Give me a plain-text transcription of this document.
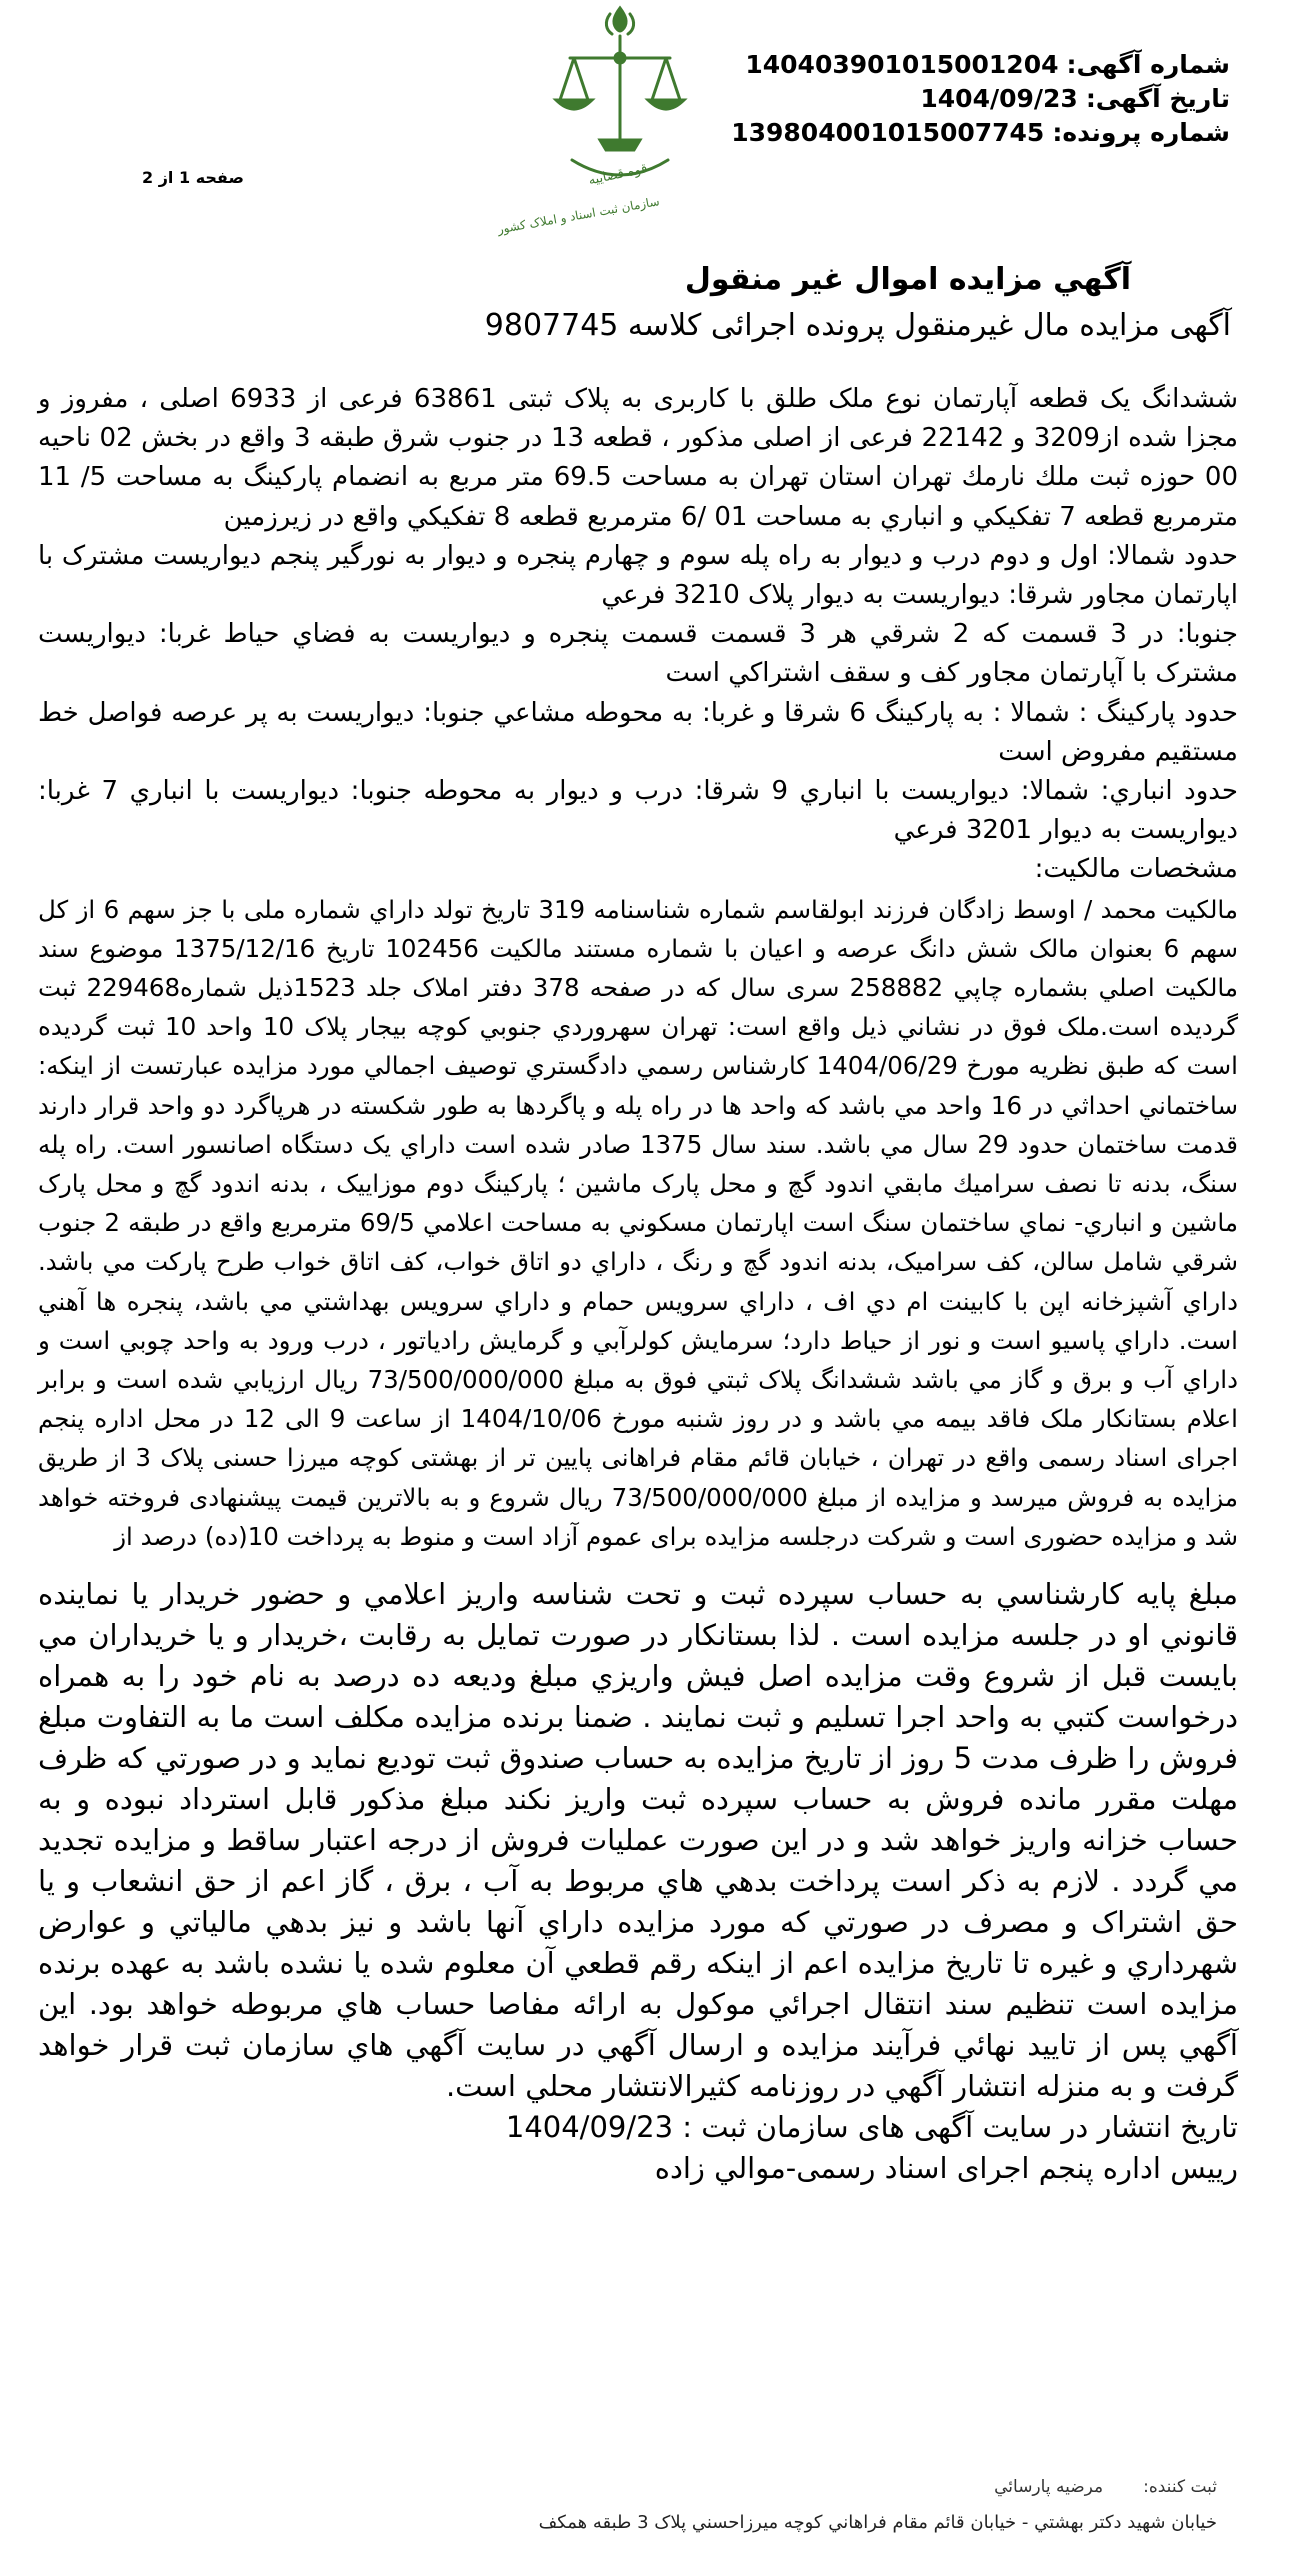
قوه قضاييه
سازمان ثبت اسناد و املاک کشور
شماره آگهی:140403901015001204
تاریخ آگهی:1404/09/23
شماره پرونده:139804001015007745
صفحه 1 از 2
آگهي مزايده اموال غير منقول
آگهی مزایده مال غیرمنقول پرونده اجرائی کلاسه 9807745

ششدانگ یک قطعه آپارتمان نوع ملک طلق با کاربری به پلاک ثبتی 63861 فرعی از 6933 اصلی ، مفروز و مجزا شده از3209 و 22142 فرعی از اصلی مذکور ، قطعه 13 در جنوب شرق طبقه 3 واقع در بخش 02 ناحیه 00 حوزه ثبت ملك نارمك تهران استان تهران به مساحت 69.5 متر مربع به انضمام پاركينگ به مساحت 5/ 11 مترمربع قطعه 7 تفكيكي و انباري به مساحت 01 /6 مترمربع قطعه 8 تفكيكي واقع در زيرزمين

حدود شمالا: اول و دوم درب و ديوار به راه پله سوم و چهارم پنجره و ديوار به نورگير پنجم ديواريست مشترک با اپارتمان مجاور شرقا: ديواريست به ديوار پلاک 3210 فرعي

جنوبا: در 3 قسمت كه 2 شرقي هر 3 قسمت قسمت پنجره و ديواريست به فضاي حياط غربا: ديواريست مشترک با آپارتمان مجاور كف و سقف اشتراكي است

حدود پاركينگ : شمالا : به پاركينگ 6 شرقا و غربا: به محوطه مشاعي جنوبا: ديواريست به پر عرصه فواصل خط مستقيم مفروض است

حدود انباري: شمالا: ديواريست با انباري 9 شرقا: درب و ديوار به محوطه جنوبا: ديواريست با انباري 7 غربا: ديواريست به ديوار 3201 فرعي

مشخصات مالکیت:

مالكيت محمد / اوسط زادگان فرزند ابولقاسم شماره شناسنامه 319 تاريخ تولد داراي شماره ملی با جز سهم 6 از كل سهم 6 بعنوان مالک شش دانگ عرصه و اعيان با شماره مستند مالکیت 102456 تاريخ 1375/12/16 موضوع سند مالكيت اصلي بشماره چاپي 258882 سری سال كه در صفحه 378 دفتر املاک جلد 1523ذيل شماره229468 ثبت گرديده است.ملک فوق در نشاني ذيل واقع است: تهران سهروردي جنوبي كوچه بيجار پلاک 10 واحد 10 ثبت گرديده است كه طبق نظريه مورخ 1404/06/29 كارشناس رسمي دادگستري توصيف اجمالي مورد مزايده عبارتست از اينكه: ساختماني احداثي در 16 واحد مي باشد كه واحد ها در راه پله و پاگردها به طور شكسته در هرپاگرد دو واحد قرار دارند قدمت ساختمان حدود 29 سال مي باشد. سند سال 1375 صادر شده است داراي يک دستگاه اصانسور است. راه پله سنگ، بدنه تا نصف سراميك مابقي اندود گچ و محل پارک ماشين ؛ پاركينگ دوم موزاييک ، بدنه اندود گچ و محل پارک ماشين و انباري- نماي ساختمان سنگ است اپارتمان مسكوني به مساحت اعلامي 69/5 مترمربع واقع در طبقه 2 جنوب شرقي شامل سالن، كف سراميک، بدنه اندود گچ و رنگ ، داراي دو اتاق خواب، كف اتاق خواب طرح پاركت مي باشد. داراي آشپزخانه اپن با كابينت ام دي اف ، داراي سرويس حمام و داراي سرويس بهداشتي مي باشد، پنجره ها آهني است. داراي پاسيو است و نور از حياط دارد؛ سرمايش كولرآبي و گرمايش رادياتور ، درب ورود به واحد چوبي است و داراي آب و برق و گاز مي باشد ششدانگ پلاک ثبتي فوق به مبلغ 73/500/000/000 ريال ارزيابي شده است و برابر اعلام بستانكار ملک فاقد بيمه مي باشد و در روز شنبه مورخ 1404/10/06 از ساعت 9 الی 12 در محل اداره پنجم اجرای اسناد رسمی واقع در تهران ، خیابان قائم مقام فراهانی پایین تر از بهشتی کوچه میرزا حسنی پلاک 3 از طریق مزایده به فروش میرسد و مزایده از مبلغ 73/500/000/000 ریال شروع و به بالاترین قیمت پیشنهادی فروخته خواهد شد و مزایده حضوری است و شرکت درجلسه مزایده برای عموم آزاد است و منوط به پرداخت 10(ده) درصد از

مبلغ پايه كارشناسي به حساب سپرده ثبت و تحت شناسه واريز اعلامي و حضور خريدار يا نماينده قانوني او در جلسه مزايده است . لذا بستانكار در صورت تمايل به رقابت ،خريدار و يا خريداران مي بايست قبل از شروع وقت مزايده اصل فيش واريزي مبلغ وديعه ده درصد به نام خود را به همراه درخواست كتبي به واحد اجرا تسليم و ثبت نمايند . ضمنا برنده مزايده مكلف است ما به التفاوت مبلغ فروش را ظرف مدت 5 روز از تاريخ مزايده به حساب صندوق ثبت توديع نمايد و در صورتي كه ظرف مهلت مقرر مانده فروش به حساب سپرده ثبت واريز نكند مبلغ مذكور قابل استرداد نبوده و به حساب خزانه واريز خواهد شد و در اين صورت عمليات فروش از درجه اعتبار ساقط و مزايده تجديد مي گردد . لازم به ذكر است پرداخت بدهي هاي مربوط به آب ، برق ، گاز اعم از حق انشعاب و يا حق اشتراک و مصرف در صورتي كه مورد مزايده داراي آنها باشد و نيز بدهي مالياتي و عوارض شهرداري و غيره تا تاريخ مزايده اعم از اينكه رقم قطعي آن معلوم شده يا نشده باشد به عهده برنده مزايده است تنظيم سند انتقال اجرائي موكول به ارائه مفاصا حساب هاي مربوطه خواهد بود. اين آگهي پس از تاييد نهائي فرآيند مزايده و ارسال آگهي در سايت آگهي هاي سازمان ثبت قرار خواهد گرفت و به منزله انتشار آگهي در روزنامه كثيرالانتشار محلي است.

تاريخ انتشار در سايت آگهی های سازمان ثبت : 1404/09/23

رييس اداره پنجم اجرای اسناد رسمی-موالي زاده

ثبت كننده:مرضيه پارسائي
خيابان شهيد دكتر بهشتي - خيابان قائم مقام فراهاني كوچه ميرزاحسني پلاک 3 طبقه همكف
